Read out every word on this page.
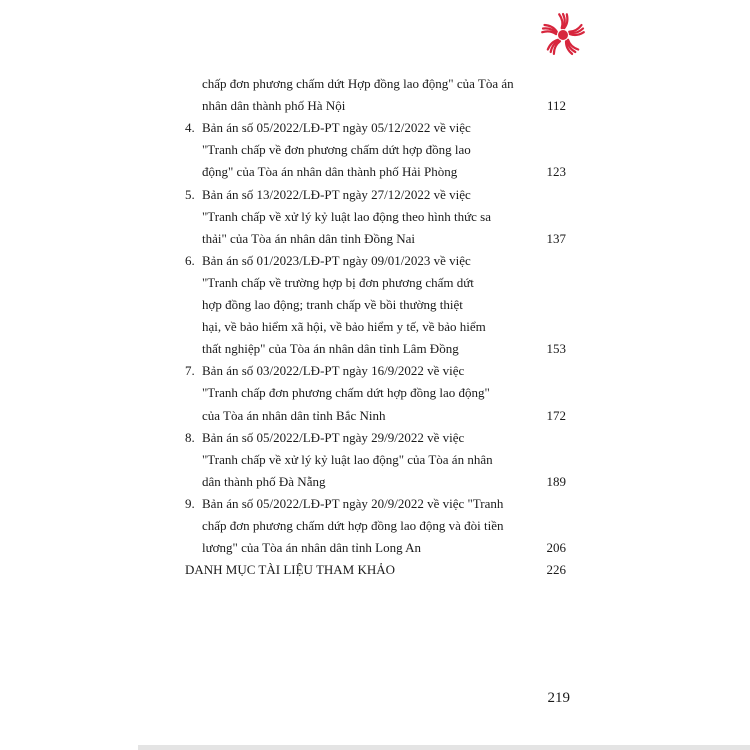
chấp đơn phương chấm dứt Hợp đồng lao động" của Tòa án
nhân dân thành phố Hà Nội	112
4. Bản án số 05/2022/LĐ-PT ngày 05/12/2022 về việc
"Tranh chấp về đơn phương chấm dứt hợp đồng lao
động" của Tòa án nhân dân thành phố Hải Phòng	123
5. Bản án số 13/2022/LĐ-PT ngày 27/12/2022 về việc
"Tranh chấp về xử lý kỷ luật lao động theo hình thức sa
thải" của Tòa án nhân dân tỉnh Đồng Nai	137
6. Bản án số 01/2023/LĐ-PT ngày 09/01/2023 về việc
"Tranh chấp về trường hợp bị đơn phương chấm dứt
hợp đồng lao động; tranh chấp về bồi thường thiệt
hại, về bảo hiểm xã hội, về bảo hiểm y tế, về bảo hiểm
thất nghiệp" của Tòa án nhân dân tỉnh Lâm Đồng	153
7. Bản án số 03/2022/LĐ-PT ngày 16/9/2022 về việc
"Tranh chấp đơn phương chấm dứt hợp đồng lao động"
của Tòa án nhân dân tỉnh Bắc Ninh	172
8. Bản án số 05/2022/LĐ-PT ngày 29/9/2022 về việc
"Tranh chấp về xử lý kỷ luật lao động" của Tòa án nhân
dân thành phố Đà Nẵng	189
9. Bản án số 05/2022/LĐ-PT ngày 20/9/2022 về việc "Tranh
chấp đơn phương chấm dứt hợp đồng lao động và đòi tiền
lương" của Tòa án nhân dân tỉnh Long An	206
DANH MỤC TÀI LIỆU THAM KHẢO	226
219
